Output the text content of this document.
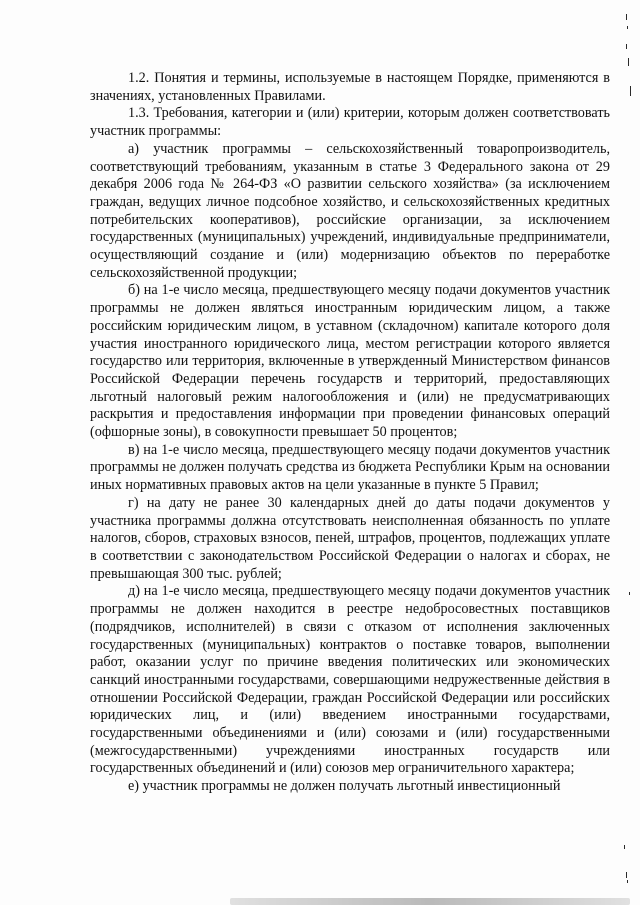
1.2. Понятия и термины, используемые в настоящем Порядке, применяются в значениях, установленных Правилами.

1.3. Требования, категории и (или) критерии, которым должен соответствовать участник программы:

а) участник программы – сельскохозяйственный товаропроизводитель, соответствующий требованиям, указанным в статье 3 Федерального закона от 29 декабря 2006 года № 264-ФЗ «О развитии сельского хозяйства» (за исключением граждан, ведущих личное подсобное хозяйство, и сельскохозяйственных кредитных потребительских кооперативов), российские организации, за исключением государственных (муниципальных) учреждений, индивидуальные предприниматели, осуществляющий создание и (или) модернизацию объектов по переработке сельскохозяйственной продукции;

б) на 1-е число месяца, предшествующего месяцу подачи документов участник программы не должен являться иностранным юридическим лицом, а также российским юридическим лицом, в уставном (складочном) капитале которого доля участия иностранного юридического лица, местом регистрации которого является государство или территория, включенные в утвержденный Министерством финансов Российской Федерации перечень государств и территорий, предоставляющих льготный налоговый режим налогообложения и (или) не предусматривающих раскрытия и предоставления информации при проведении финансовых операций (офшорные зоны), в совокупности превышает 50 процентов;

в) на 1-е число месяца, предшествующего месяцу подачи документов участник программы не должен получать средства из бюджета Республики Крым на основании иных нормативных правовых актов на цели указанные в пункте 5 Правил;

г) на дату не ранее 30 календарных дней до даты подачи документов у участника программы должна отсутствовать неисполненная обязанность по уплате налогов, сборов, страховых взносов, пеней, штрафов, процентов, подлежащих уплате в соответствии с законодательством Российской Федерации о налогах и сборах, не превышающая 300 тыс. рублей;

д) на 1-е число месяца, предшествующего месяцу подачи документов участник программы не должен находится в реестре недобросовестных поставщиков (подрядчиков, исполнителей) в связи с отказом от исполнения заключенных государственных (муниципальных) контрактов о поставке товаров, выполнении работ, оказании услуг по причине введения политических или экономических санкций иностранными государствами, совершающими недружественные действия в отношении Российской Федерации, граждан Российской Федерации или российских юридических лиц, и (или) введением иностранными государствами, государственными объединениями и (или) союзами и (или) государственными (межгосударственными) учреждениями иностранных государств или государственных объединений и (или) союзов мер ограничительного характера;

е) участник программы не должен получать льготный инвестиционный
